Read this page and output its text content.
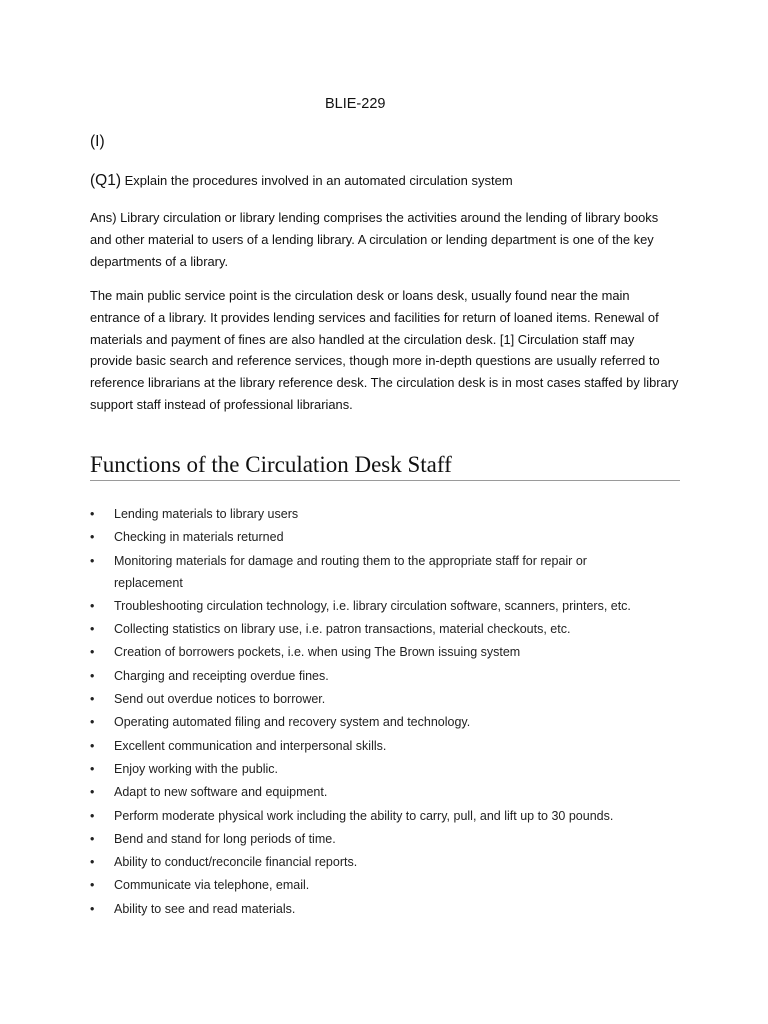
BLIE-229
(I)
(Q1) Explain the procedures involved in an automated circulation system

Ans) Library circulation or library lending comprises the activities around the lending of library books and other material to users of a lending library. A circulation or lending department is one of the key departments of a library.

The main public service point is the circulation desk or loans desk, usually found near the main entrance of a library. It provides lending services and facilities for return of loaned items. Renewal of materials and payment of fines are also handled at the circulation desk. [1] Circulation staff may provide basic search and reference services, though more in-depth questions are usually referred to reference librarians at the library reference desk. The circulation desk is in most cases staffed by library support staff instead of professional librarians.

Functions of the Circulation Desk Staff
• Lending materials to library users
• Checking in materials returned
• Monitoring materials for damage and routing them to the appropriate staff for repair or replacement
• Troubleshooting circulation technology, i.e. library circulation software, scanners, printers, etc.
• Collecting statistics on library use, i.e. patron transactions, material checkouts, etc.
• Creation of borrowers pockets, i.e. when using The Brown issuing system
• Charging and receipting overdue fines.
• Send out overdue notices to borrower.
• Operating automated filing and recovery system and technology.
• Excellent communication and interpersonal skills.
• Enjoy working with the public.
• Adapt to new software and equipment.
• Perform moderate physical work including the ability to carry, pull, and lift up to 30 pounds.
• Bend and stand for long periods of time.
• Ability to conduct/reconcile financial reports.
• Communicate via telephone, email.
• Ability to see and read materials.
